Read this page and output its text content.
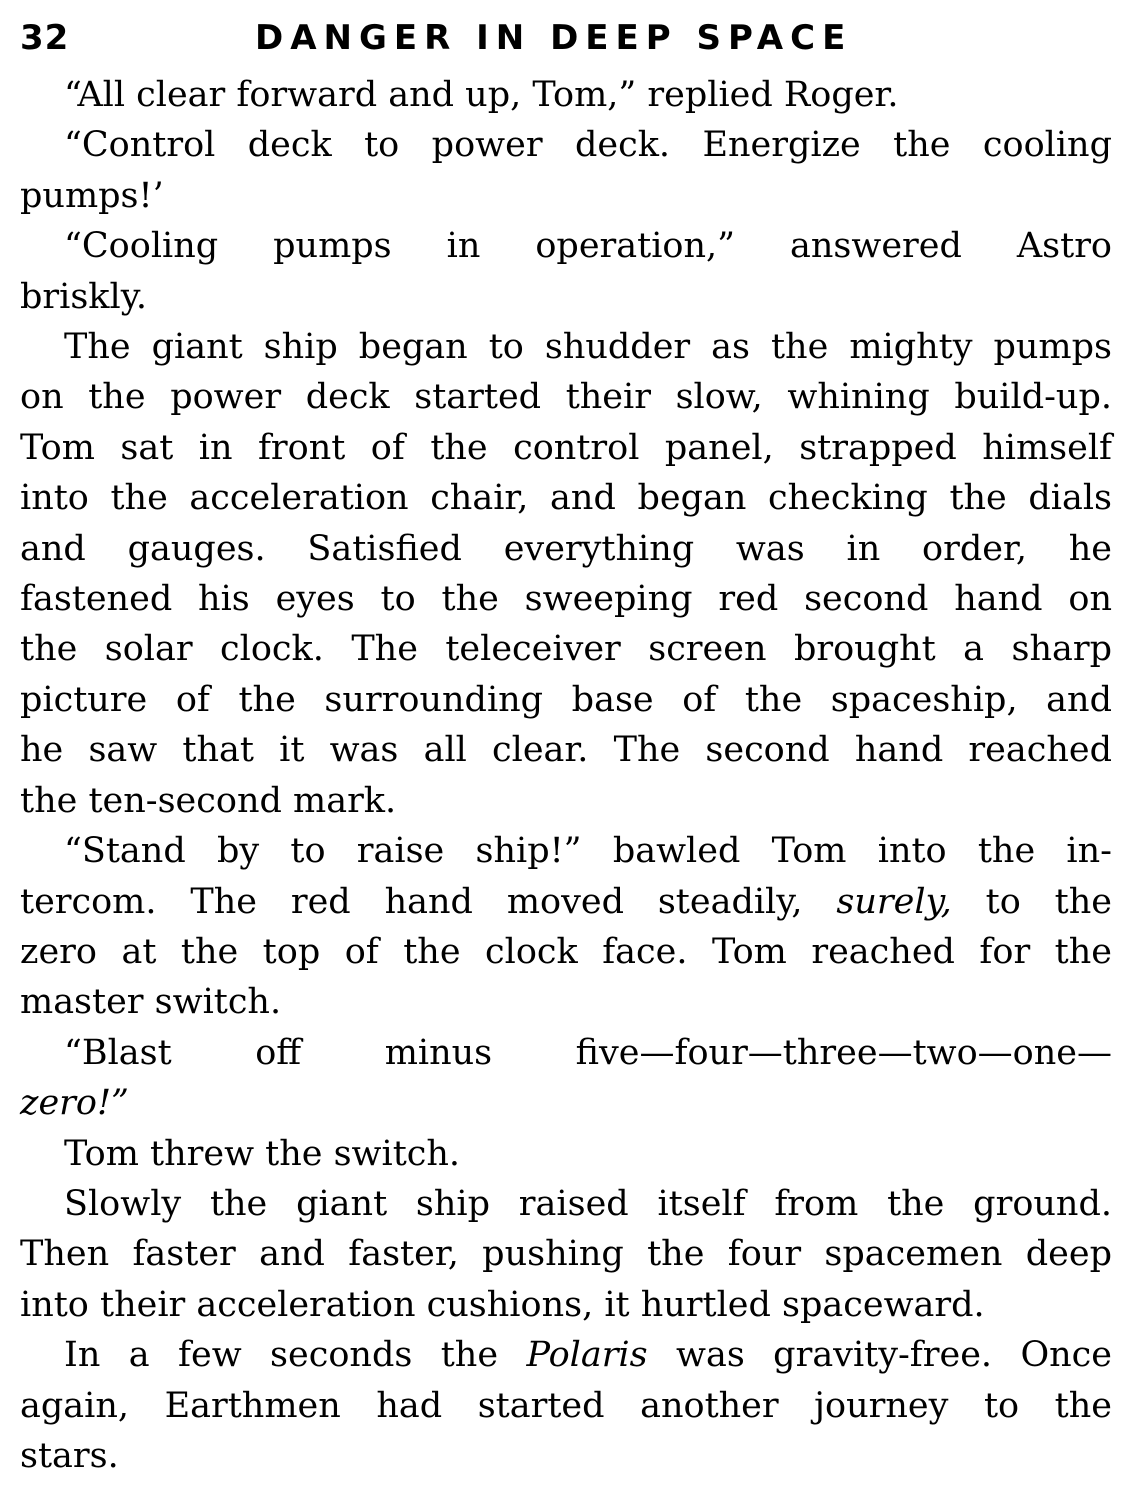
32	DANGER IN DEEP SPACE
“All clear forward and up, Tom,” replied Roger.
“Control deck to power deck. Energize the cooling
pumps!’
“Cooling pumps in operation,” answered Astro
briskly.
The giant ship began to shudder as the mighty pumps
on the power deck started their slow, whining build-up.
Tom sat in front of the control panel, strapped himself
into the acceleration chair, and began checking the dials
and gauges. Satisfied everything was in order, he
fastened his eyes to the sweeping red second hand on
the solar clock. The teleceiver screen brought a sharp
picture of the surrounding base of the spaceship, and
he saw that it was all clear. The second hand reached
the ten-second mark.
“Stand by to raise ship!” bawled Tom into the in-
tercom. The red hand moved steadily, surely, to the
zero at the top of the clock face. Tom reached for the
master switch.
“Blast off minus five—four—three—two—one—
zero!”
Tom threw the switch.
Slowly the giant ship raised itself from the ground.
Then faster and faster, pushing the four spacemen deep
into their acceleration cushions, it hurtled spaceward.
In a few seconds the Polaris was gravity-free. Once
again, Earthmen had started another journey to the
stars.
